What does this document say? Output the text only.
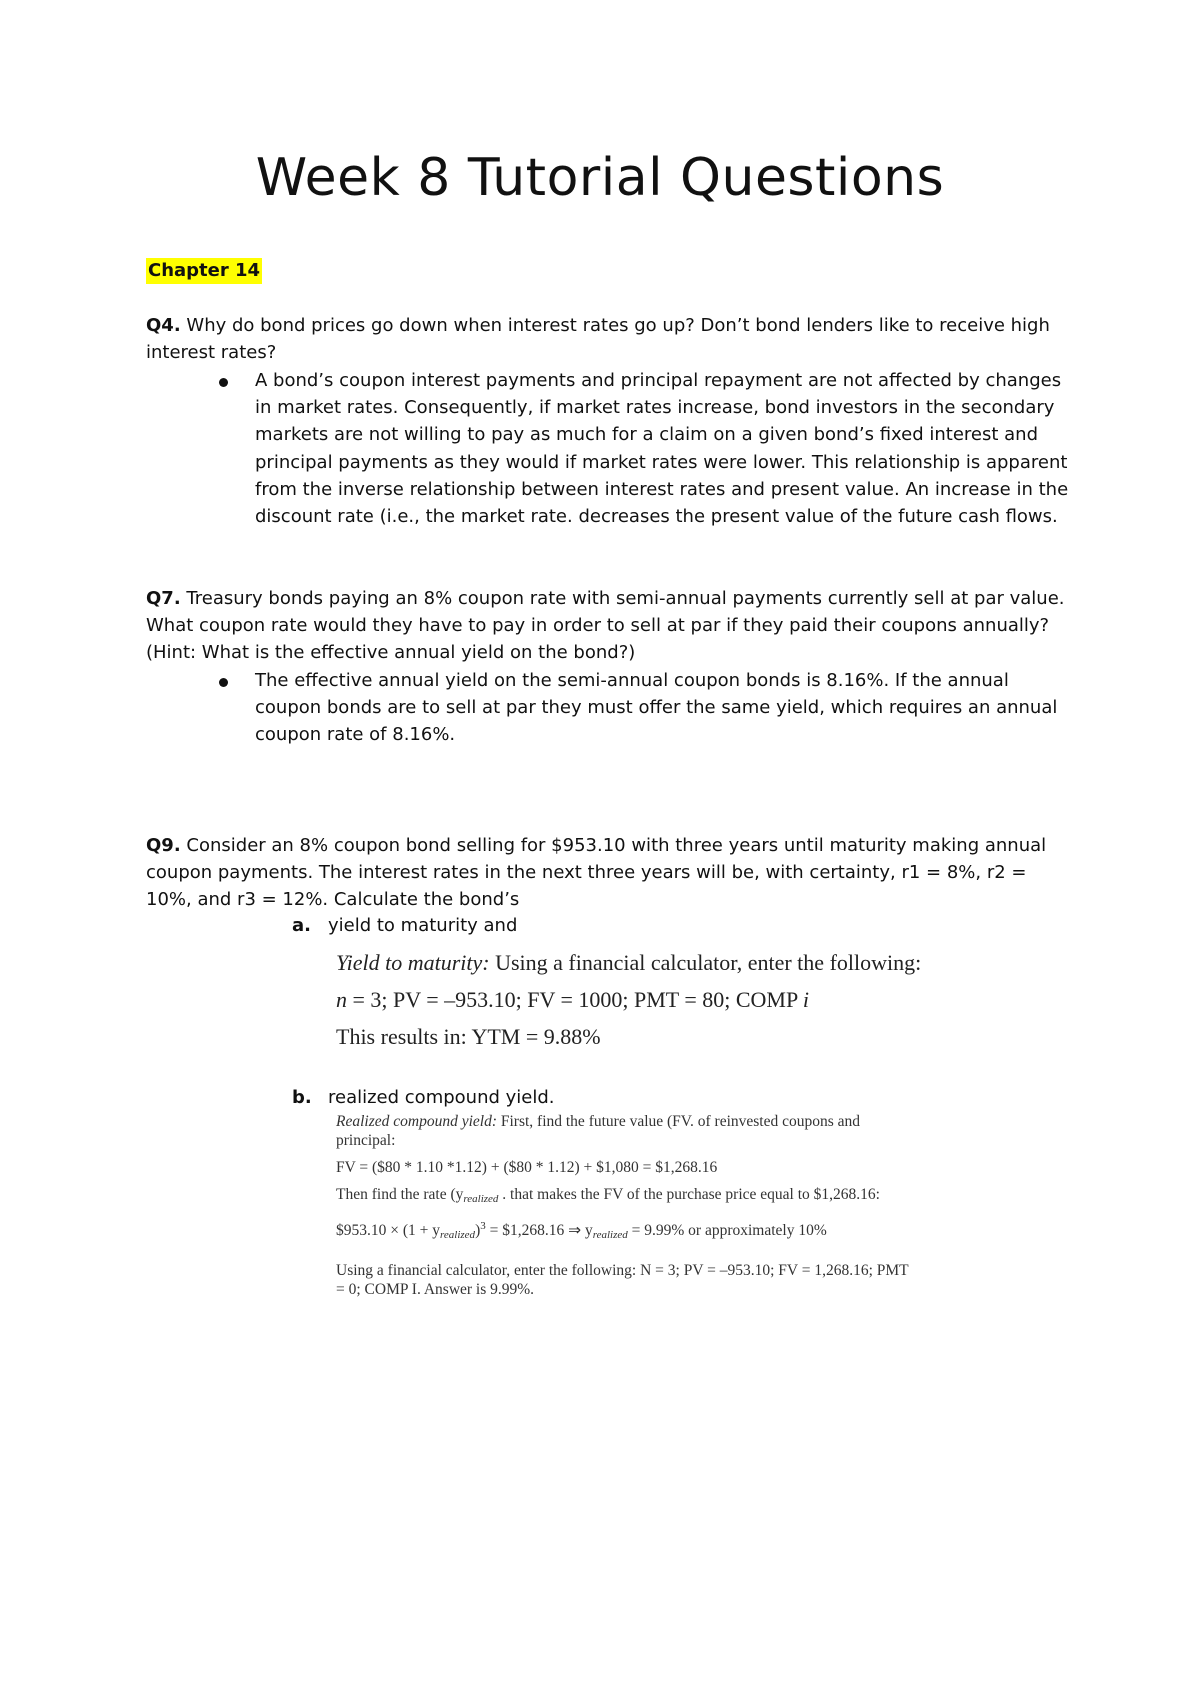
Week 8 Tutorial Questions
Chapter 14

Q4. Why do bond prices go down when interest rates go up? Don’t bond lenders like to receive high interest rates?

A bond’s coupon interest payments and principal repayment are not affected by changes in market rates. Consequently, if market rates increase, bond investors in the secondary markets are not willing to pay as much for a claim on a given bond’s fixed interest and principal payments as they would if market rates were lower. This relationship is apparent from the inverse relationship between interest rates and present value. An increase in the discount rate (i.e., the market rate. decreases the present value of the future cash flows.

Q7. Treasury bonds paying an 8% coupon rate with semi-annual payments currently sell at par value. What coupon rate would they have to pay in order to sell at par if they paid their coupons annually? (Hint: What is the effective annual yield on the bond?)

The effective annual yield on the semi-annual coupon bonds is 8.16%. If the annual coupon bonds are to sell at par they must offer the same yield, which requires an annual coupon rate of 8.16%.

Q9. Consider an 8% coupon bond selling for $953.10 with three years until maturity making annual coupon payments. The interest rates in the next three years will be, with certainty, r1 = 8%, r2 = 10%, and r3 = 12%. Calculate the bond’s

a. yield to maturity and
Yield to maturity: Using a financial calculator, enter the following:
n = 3; PV = –953.10; FV = 1000; PMT = 80; COMP i
This results in: YTM = 9.88%
b. realized compound yield.
Realized compound yield: First, find the future value (FV. of reinvested coupons and
principal:
FV = ($80 * 1.10 *1.12) + ($80 * 1.12) + $1,080 = $1,268.16
Then find the rate ($y_{realized}$ . that makes the FV of the purchase price equal to $1,268.16:
$953.10 × $(1 + y_{realized})^3$ = $1,268.16 ⇒ $y_{realized} = 9.99\%$ or approximately 10%
Using a financial calculator, enter the following: N = 3; PV = –953.10; FV = 1,268.16; PMT
= 0; COMP I. Answer is 9.99%.
